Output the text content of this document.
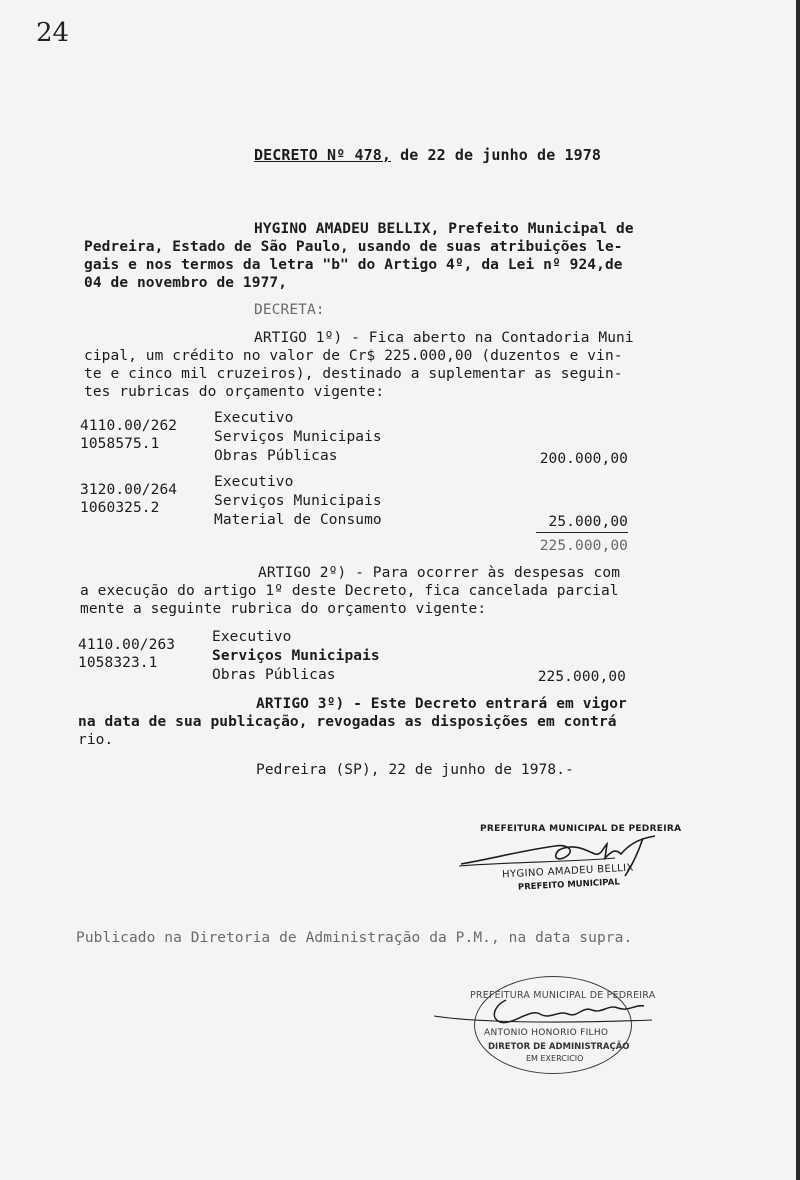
24
DECRETO Nº 478, de 22 de junho de 1978
HYGINO AMADEU BELLIX, Prefeito Municipal de
Pedreira, Estado de São Paulo, usando de suas atribuições le-
gais e nos termos da letra "b" do Artigo 4º, da Lei nº 924,de
04 de novembro de 1977,
DECRETA:
ARTIGO 1º) - Fica aberto na Contadoria Muni
cipal, um crédito no valor de Cr$ 225.000,00 (duzentos e vin-
te e cinco mil cruzeiros), destinado a suplementar as seguin-
tes rubricas do orçamento vigente:
4110.00/262
1058575.1
Executivo
Serviços Municipais
Obras Públicas	200.000,00
3120.00/264
1060325.2
Executivo
Serviços Municipais
Material de Consumo	25.000,00
225.000,00
ARTIGO 2º) - Para ocorrer às despesas com
a execução do artigo 1º deste Decreto, fica cancelada parcial
mente a seguinte rubrica do orçamento vigente:
4110.00/263
1058323.1
Executivo
Serviços Municipais
Obras Públicas	225.000,00
ARTIGO 3º) - Este Decreto entrará em vigor
na data de sua publicação, revogadas as disposições em contrá
rio.
Pedreira (SP), 22 de junho de 1978.-
PREFEITURA MUNICIPAL DE PEDREIRA
HYGINO AMADEU BELLIX
PREFEITO MUNICIPAL
Publicado na Diretoria de Administração da P.M., na data supra.
PREFEITURA MUNICIPAL DE PEDREIRA
ANTONIO HONORIO FILHO
DIRETOR DE ADMINISTRAÇÃO
EM EXERCICIO
